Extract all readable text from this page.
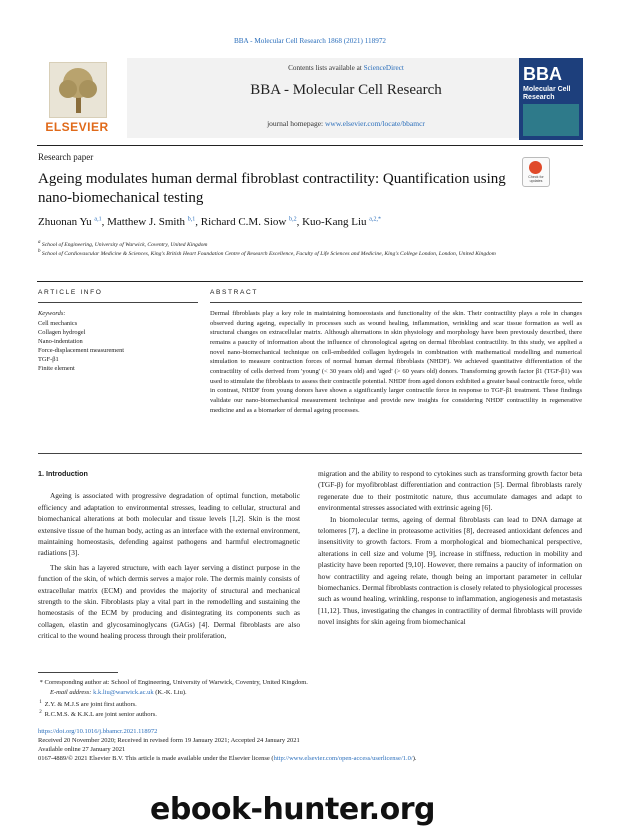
BBA - Molecular Cell Research 1868 (2021) 118972
ELSEVIER
Contents lists available at ScienceDirect
BBA - Molecular Cell Research
journal homepage: www.elsevier.com/locate/bbamcr
BBA
Molecular Cell Research
Research paper
Ageing modulates human dermal fibroblast contractility: Quantification using nano-biomechanical testing
Check for updates
Zhuonan Yu $^{a,1}$, Matthew J. Smith $^{b,1}$, Richard C.M. Siow $^{b,2}$, Kuo-Kang Liu $^{a,2,*}$
a School of Engineering, University of Warwick, Coventry, United Kingdom
b School of Cardiovascular Medicine & Sciences, King's British Heart Foundation Centre of Research Excellence, Faculty of Life Sciences and Medicine, King's College London, London, United Kingdom
ARTICLE INFO	ABSTRACT
Keywords:
Cell mechanics
Collagen hydrogel
Nano-indentation
Force-displacement measurement
TGF-β1
Finite element
Dermal fibroblasts play a key role in maintaining homoeostasis and functionality of the skin. Their contractility plays a role in changes observed during ageing, especially in processes such as wound healing, inflammation, wrinkling and scar tissue formation as well as structural changes on extracellular matrix. Although alternations in skin physiology and morphology have been previously described, there remains a paucity of information about the influence of chronological ageing on dermal fibroblast contractility. In this study, we applied a novel nano-biomechanical technique on cell-embedded collagen hydrogels in combination with mathematical modelling and numerical simulation to measure contraction forces of normal human dermal fibroblasts (NHDF). We achieved quantitative differentiation of the contractility of cells derived from 'young' (< 30 years old) and 'aged' (> 60 years old) donors. Transforming growth factor β1 (TGF-β1) was used to stimulate the fibroblasts to assess their contractile potential. NHDF from aged donors exhibited a greater basal contractile force, while in contrast, NHDF from young donors have shown a significantly larger contractile force in response to TGF-β1 treatment. These findings validate our nano-biomechanical measurement technique and provide new insights for considering NHDF contractility in regenerative medicine and as a biomarker of dermal ageing processes.

1. Introduction

Ageing is associated with progressive degradation of optimal function, metabolic efficiency and adaptation to environmental stresses, leading to cellular, structural and biomechanical alterations at both molecular and tissue levels [1,2]. Skin is the most extensive tissue of the human body, acting as an interface with the external environment, maintaining homeostasis, defending against pathogens and harmful electromagnetic radiations [3].

The skin has a layered structure, with each layer serving a distinct purpose in the function of the skin, of which dermis serves a major role. The dermis mainly consists of extracellular matrix (ECM) and provides the majority of structural and mechanical strength to the skin. Fibroblasts play a vital part in the remodelling and sustaining the homeostasis of the ECM by producing and disintegrating its components such as collagen, elastin and glycosaminoglycans (GAGs) [4]. Dermal fibroblasts are also critical to the wound healing process through their proliferation,

migration and the ability to respond to cytokines such as transforming growth factor beta (TGF-β) for myofibroblast differentiation and contraction [5]. Dermal fibroblasts rarely regenerate due to their postmitotic nature, thus accumulate damages and adapt to environmental stresses associated with extrinsic ageing [6].

In biomolecular terms, ageing of dermal fibroblasts can lead to DNA damage at telomeres [7], a decline in proteasome activities [8], decreased antioxidant defences and insensitivity to growth factors. From a morphological and biomechanical perspective, alterations in cell size and volume [9], increase in stiffness, reduction in mobility and plasticity have been reported [9,10]. However, there remains a paucity of information on how contractility and ageing relate, though being an important parameter in cellular biomechanics. Dermal fibroblasts contraction is closely related to physiological processes such as wound healing, wrinkling, response to inflammation, angiogenesis and metastasis [11,12]. Thus, investigating the changes in contractility of dermal fibroblasts will provide novel insights for skin ageing from biomechanical

* Corresponding author at: School of Engineering, University of Warwick, Coventry, United Kingdom.
E-mail address: k.k.liu@warwick.ac.uk (K.-K. Liu).
$^1$  Z.Y. & M.J.S are joint first authors.
$^2$  R.C.M.S. & K.K.L are joint senior authors.
https://doi.org/10.1016/j.bbamcr.2021.118972
Received 20 November 2020; Received in revised form 19 January 2021; Accepted 24 January 2021
Available online 27 January 2021
0167-4889/© 2021 Elsevier B.V. This article is made available under the Elsevier license (http://www.elsevier.com/open-access/userlicense/1.0/).
ebook-hunter.org
